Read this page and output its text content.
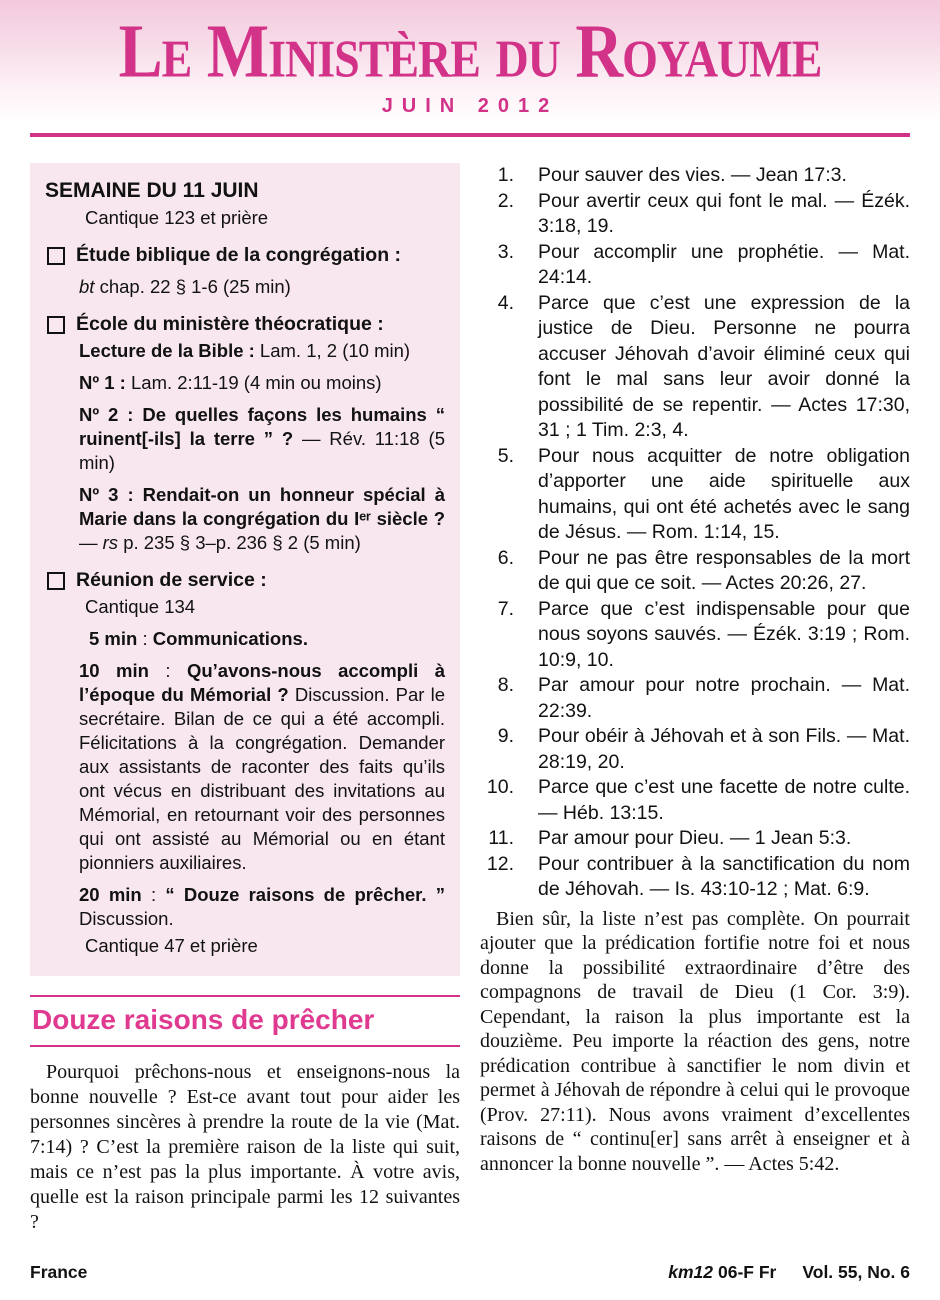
Le Ministère du Royaume
JUIN 2012
SEMAINE DU 11 JUIN
Cantique 123 et prière
Étude biblique de la congrégation :
bt chap. 22 § 1-6 (25 min)
École du ministère théocratique :
Lecture de la Bible : Lam. 1, 2 (10 min)
Nº 1 : Lam. 2:11-19 (4 min ou moins)
Nº 2 : De quelles façons les humains “ ruinent[-ils] la terre ” ? — Rév. 11:18 (5 min)
Nº 3 : Rendait-on un honneur spécial à Marie dans la congrégation du Iᵉʳ siècle ? — rs p. 235 § 3–p. 236 § 2 (5 min)
Réunion de service :
Cantique 134
5 min : Communications.
10 min : Qu’avons-nous accompli à l’époque du Mémorial ? Discussion. Par le secrétaire. Bilan de ce qui a été accompli. Félicitations à la congrégation. Demander aux assistants de raconter des faits qu’ils ont vécus en distribuant des invitations au Mémorial, en retournant voir des personnes qui ont assisté au Mémorial ou en étant pionniers auxiliaires.
20 min : “ Douze raisons de prêcher. ” Discussion.
Cantique 47 et prière
Douze raisons de prêcher
Pourquoi prêchons-nous et enseignons-nous la bonne nouvelle ? Est-ce avant tout pour aider les personnes sincères à prendre la route de la vie (Mat. 7:14) ? C’est la première raison de la liste qui suit, mais ce n’est pas la plus importante. À votre avis, quelle est la raison principale parmi les 12 suivantes ?
1. Pour sauver des vies. — Jean 17:3.
2. Pour avertir ceux qui font le mal. — Ézék. 3:18, 19.
3. Pour accomplir une prophétie. — Mat. 24:14.
4. Parce que c’est une expression de la justice de Dieu. Personne ne pourra accuser Jéhovah d’avoir éliminé ceux qui font le mal sans leur avoir donné la possibilité de se repentir. — Actes 17:30, 31 ; 1 Tim. 2:3, 4.
5. Pour nous acquitter de notre obligation d’apporter une aide spirituelle aux humains, qui ont été achetés avec le sang de Jésus. — Rom. 1:14, 15.
6. Pour ne pas être responsables de la mort de qui que ce soit. — Actes 20:26, 27.
7. Parce que c’est indispensable pour que nous soyons sauvés. — Ézék. 3:19 ; Rom. 10:9, 10.
8. Par amour pour notre prochain. — Mat. 22:39.
9. Pour obéir à Jéhovah et à son Fils. — Mat. 28:19, 20.
10. Parce que c’est une facette de notre culte. — Héb. 13:15.
11. Par amour pour Dieu. — 1 Jean 5:3.
12. Pour contribuer à la sanctification du nom de Jéhovah. — Is. 43:10-12 ; Mat. 6:9.
Bien sûr, la liste n’est pas complète. On pourrait ajouter que la prédication fortifie notre foi et nous donne la possibilité extraordinaire d’être des compagnons de travail de Dieu (1 Cor. 3:9). Cependant, la raison la plus importante est la douzième. Peu importe la réaction des gens, notre prédication contribue à sanctifier le nom divin et permet à Jéhovah de répondre à celui qui le provoque (Prov. 27:11). Nous avons vraiment d’excellentes raisons de “ continu[er] sans arrêt à enseigner et à annoncer la bonne nouvelle ”. — Actes 5:42.
France	km12 06-F Fr Vol. 55, No. 6
